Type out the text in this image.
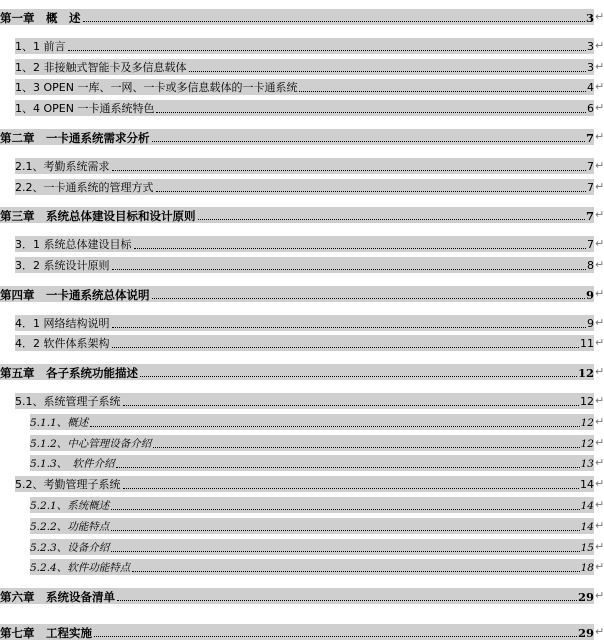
第一章　概　述	3 ↵
1、1 前言	3 ↵
1、2 非接触式智能卡及多信息载体	3 ↵
1、3 OPEN 一库、一网、一卡或多信息载体的一卡通系统	4 ↵
1、4 OPEN 一卡通系统特色	6 ↵
第二章　一卡通系统需求分析	7 ↵
2.1、考勤系统需求	7 ↵
2.2、一卡通系统的管理方式	7 ↵
第三章　系统总体建设目标和设计原则	7 ↵
3．1 系统总体建设目标	7 ↵
3．2 系统设计原则	8 ↵
第四章　一卡通系统总体说明	9 ↵
4．1 网络结构说明	9 ↵
4．2 软件体系架构	11 ↵
第五章　各子系统功能描述	12 ↵
5.1、系统管理子系统	12 ↵
5.1.1、概述	12 ↵
5.1.2、中心管理设备介绍	12 ↵
5.1.3、　软件介绍	13 ↵
5.2、考勤管理子系统	14 ↵
5.2.1、系统概述	14 ↵
5.2.2、功能特点	14 ↵
5.2.3、设备介绍	15 ↵
5.2.4、软件功能特点	18 ↵
第六章　系统设备清单	29 ↵
第七章　工程实施	29 ↵
